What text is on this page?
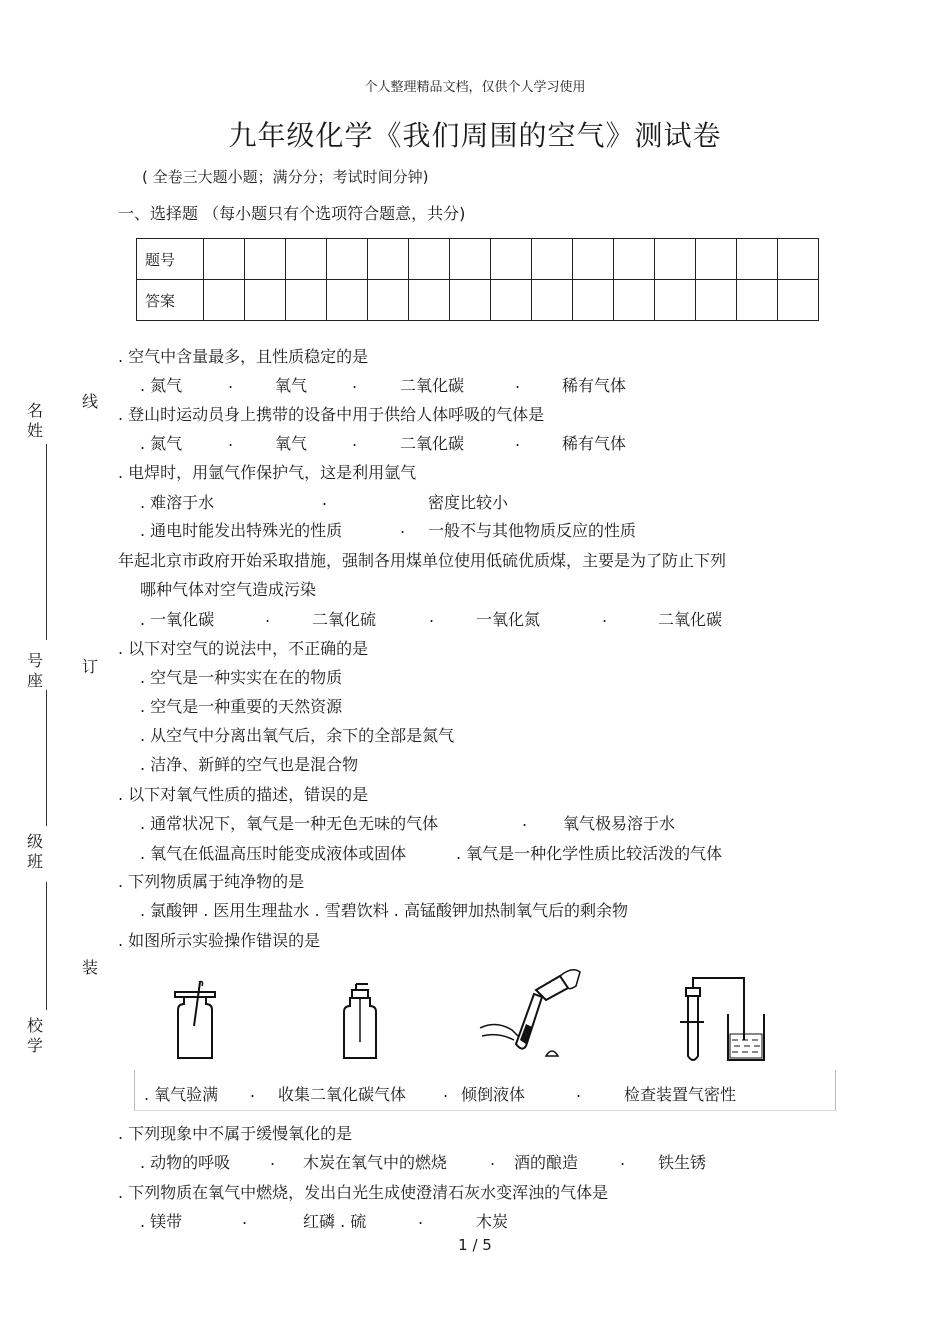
个人整理精品文档，仅供个人学习使用
九年级化学《我们周围的空气》测试卷
( 全卷三大题小题；满分分；考试时间分钟)
一、选择题 （每小题只有个选项符合题意，共分)
题号															
答案															
名
姓
号
座
级
班
校
学
线
订
装
. 空气中含量最多，且性质稳定的是
. 氮气	.	氧气	.	二氧化碳	.	稀有气体
. 登山时运动员身上携带的设备中用于供给人体呼吸的气体是
. 氮气	.	氧气	.	二氧化碳	.	稀有气体
. 电焊时，用氩气作保护气，这是利用氩气
. 难溶于水	.	密度比较小
. 通电时能发出特殊光的性质	. 一般不与其他物质反应的性质
年起北京市政府开始采取措施，强制各用煤单位使用低硫优质煤，主要是为了防止下列
哪种气体对空气造成污染
. 一氧化碳	.	二氧化硫	.	一氧化氮	.	二氧化碳
. 以下对空气的说法中，不正确的是
. 空气是一种实实在在的物质
. 空气是一种重要的天然资源
. 从空气中分离出氧气后，余下的全部是氮气
. 洁净、新鲜的空气也是混合物
. 以下对氧气性质的描述，错误的是
. 通常状况下，氧气是一种无色无味的气体	. 氧气极易溶于水
. 氧气在低温高压时能变成液体或固体	. 氧气是一种化学性质比较活泼的气体
. 下列物质属于纯净物的是
. 氯酸钾 . 医用生理盐水 . 雪碧饮料 . 高锰酸钾加热制氧气后的剩余物
. 如图所示实验操作错误的是
. 氧气验满 . 收集二氧化碳气体 . 倾倒液体	.	检查装置气密性
. 下列现象中不属于缓慢氧化的是
. 动物的呼吸 . 木炭在氧气中的燃烧	. 酒的酿造	. 铁生锈
. 下列物质在氧气中燃烧，发出白光生成使澄清石灰水变浑浊的气体是
. 镁带	.	红磷 . 硫	.	木炭
1 / 5
